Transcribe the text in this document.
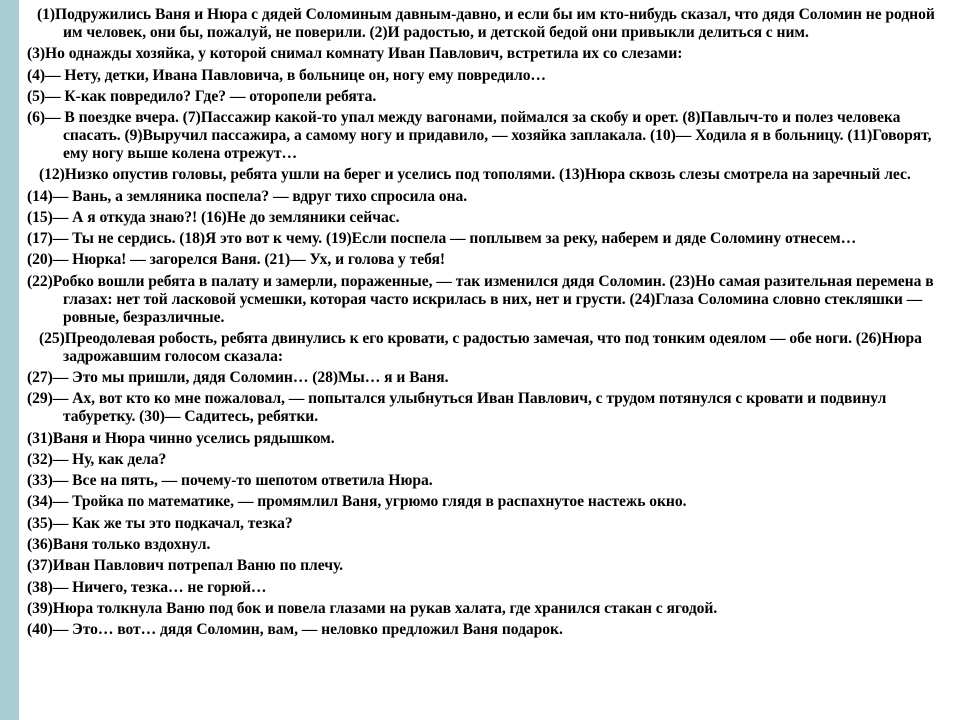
(1)Подружились Ваня и Нюра с дядей Соломиным давным-давно, и если бы им кто-нибудь сказал, что дядя Соломин не родной им человек, они бы, пожалуй, не поверили. (2)И радостью, и детской бедой они привыкли делиться с ним.
(3)Но однажды хозяйка, у которой снимал комнату Иван Павлович, встретила их со слезами:
(4)— Нету, детки, Ивана Павловича, в больнице он, ногу ему повредило…
(5)— К-как повредило? Где? — оторопели ребята.
(6)— В поездке вчера. (7)Пассажир какой-то упал между вагонами, поймался за скобу и орет. (8)Павлыч-то и полез человека спасать. (9)Выручил пассажира, а самому ногу и придавило, — хозяйка заплакала. (10)— Ходила я в больницу. (11)Говорят, ему ногу выше колена отрежут…
(12)Низко опустив головы, ребята ушли на берег и уселись под тополями. (13)Нюра сквозь слезы смотрела на заречный лес.
(14)— Вань, а земляника поспела? — вдруг тихо спросила она.
(15)— А я откуда знаю?! (16)Не до земляники сейчас.
(17)— Ты не сердись. (18)Я это вот к чему. (19)Если поспела — поплывем за реку, наберем и дяде Соломину отнесем…
(20)— Нюрка! — загорелся Ваня. (21)— Ух, и голова у тебя!
(22)Робко вошли ребята в палату и замерли, пораженные, — так изменился дядя Соломин. (23)Но самая разительная перемена в глазах: нет той ласковой усмешки, которая часто искрилась в них, нет и грусти. (24)Глаза Соломина словно стекляшки — ровные, безразличные.
(25)Преодолевая робость, ребята двинулись к его кровати, с радостью замечая, что под тонким одеялом — обе ноги. (26)Нюра задрожавшим голосом сказала:
(27)— Это мы пришли, дядя Соломин… (28)Мы… я и Ваня.
(29)— Ах, вот кто ко мне пожаловал, — попытался улыбнуться Иван Павлович, с трудом потянулся с кровати и подвинул табуретку. (30)— Садитесь, ребятки.
(31)Ваня и Нюра чинно уселись рядышком.
(32)— Ну, как дела?
(33)— Все на пять, — почему-то шепотом ответила Нюра.
(34)— Тройка по математике, — промямлил Ваня, угрюмо глядя в распахнутое настежь окно.
(35)— Как же ты это подкачал, тезка?
(36)Ваня только вздохнул.
(37)Иван Павлович потрепал Ваню по плечу.
(38)— Ничего, тезка… не горюй…
(39)Нюра толкнула Ваню под бок и повела глазами на рукав халата, где хранился стакан с ягодой.
(40)— Это… вот… дядя Соломин, вам, — неловко предложил Ваня подарок.
